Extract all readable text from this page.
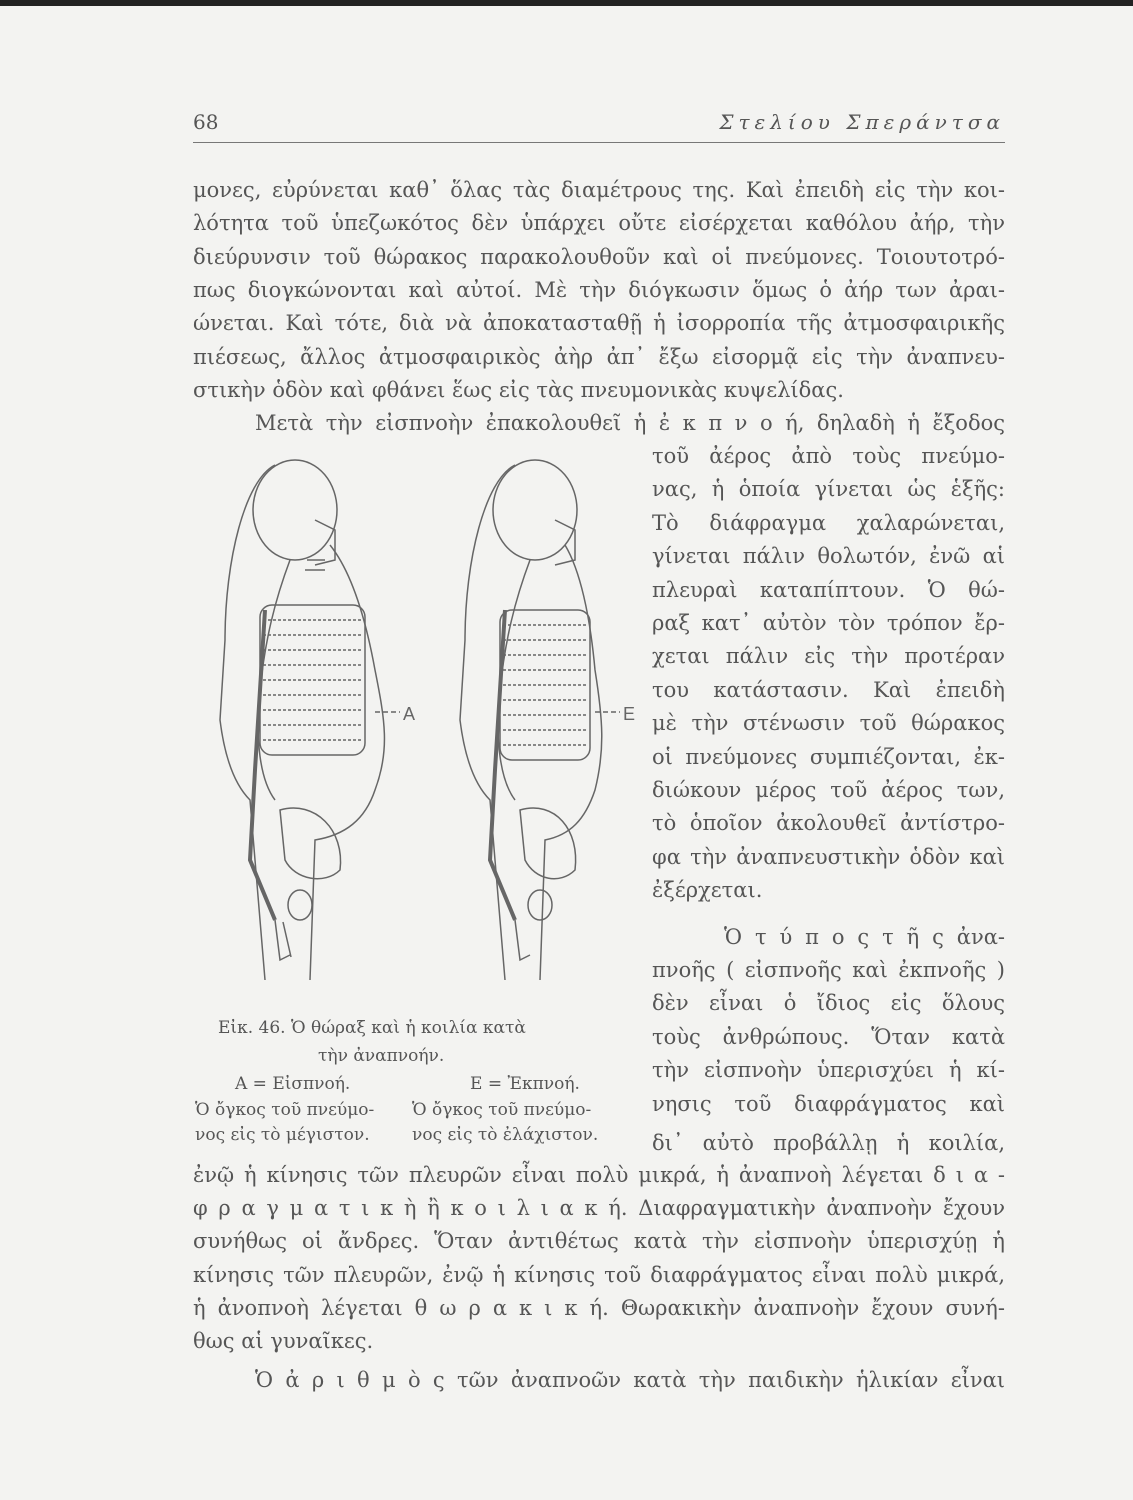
68	Στελίου Σπεράντσα
μονες, εὐρύνεται καθ᾽ ὅλας τὰς διαμέτρους της. Καὶ ἐπειδὴ εἰς τὴν κοι-
λότητα τοῦ ὑπεζωκότος δὲν ὑπάρχει οὔτε εἰσέρχεται καθόλου ἀήρ, τὴν
διεύρυνσιν τοῦ θώρακος παρακολουθοῦν καὶ οἱ πνεύμονες. Τοιουτοτρό-
πως διογκώνονται καὶ αὐτοί. Μὲ τὴν διόγκωσιν ὅμως ὁ ἀήρ των ἀραι-
ώνεται. Καὶ τότε, διὰ νὰ ἀποκατασταθῇ ἡ ἰσορροπία τῆς ἀτμοσφαιρικῆς
πιέσεως, ἄλλος ἀτμοσφαιρικὸς ἀὴρ ἀπ᾽ ἔξω εἰσορμᾷ εἰς τὴν ἀναπνευ-
στικὴν ὁδὸν καὶ φθάνει ἕως εἰς τὰς πνευμονικὰς κυψελίδας.
Μετὰ τὴν εἰσπνοὴν ἐπακολουθεῖ ἡ ἐ κ π ν ο ή, δηλαδὴ ἡ ἔξοδος
τοῦ ἀέρος ἀπὸ τοὺς πνεύμο-
νας, ἡ ὁποία γίνεται ὡς ἑξῆς:
Τὸ διάφραγμα χαλαρώνεται,
γίνεται πάλιν θολωτόν, ἐνῶ αἱ
πλευραὶ καταπίπτουν. Ὁ θώ-
ραξ κατ᾽ αὐτὸν τὸν τρόπον ἔρ-
χεται πάλιν εἰς τὴν προτέραν
του κατάστασιν. Καὶ ἐπειδὴ
μὲ τὴν στένωσιν τοῦ θώρακος
οἱ πνεύμονες συμπιέζονται, ἐκ-
διώκουν μέρος τοῦ ἀέρος των,
τὸ ὁποῖον ἀκολουθεῖ ἀντίστρο-
φα τὴν ἀναπνευστικὴν ὁδὸν καὶ
ἐξέρχεται.
Ὁ τ ύ π ο ς τ ῆ ς ἀνα-
πνοῆς ( εἰσπνοῆς καὶ ἐκπνοῆς )
δὲν εἶναι ὁ ἴδιος εἰς ὅλους
τοὺς ἀνθρώπους. Ὅταν κατὰ
τὴν εἰσπνοὴν ὑπερισχύει ἡ κί-
νησις τοῦ διαφράγματος καὶ
δι᾽ αὐτὸ προβάλλῃ ἡ κοιλία,
ἐνῷ ἡ κίνησις τῶν πλευρῶν εἶναι πολὺ μικρά, ἡ ἀναπνοὴ λέγεται δ ι α -
φ ρ α γ μ α τ ι κ ὴ ἢ κ ο ι λ ι α κ ή. Διαφραγματικὴν ἀναπνοὴν ἔχουν
συνήθως οἱ ἄνδρες. Ὅταν ἀντιθέτως κατὰ τὴν εἰσπνοὴν ὑπερισχύῃ ἡ
κίνησις τῶν πλευρῶν, ἐνῷ ἡ κίνησις τοῦ διαφράγματος εἶναι πολὺ μικρά,
ἡ ἀνοπνοὴ λέγεται θ ω ρ α κ ι κ ή. Θωρακικὴν ἀναπνοὴν ἔχουν συνή-
θως αἱ γυναῖκες.
Ὁ ἀ ρ ι θ μ ὸ ς τῶν ἀναπνοῶν κατὰ τὴν παιδικὴν ἡλικίαν εἶναι
A	E
Εἰκ. 46. Ὁ θώραξ καὶ ἡ κοιλία κατὰ
τὴν ἀναπνοήν.
Α = Εἰσπνοή.	Ε = Ἐκπνοή.
Ὁ ὄγκος τοῦ πνεύμο-
νος εἰς τὸ μέγιστον.
Ὁ ὄγκος τοῦ πνεύμο-
νος εἰς τὸ ἐλάχιστον.
